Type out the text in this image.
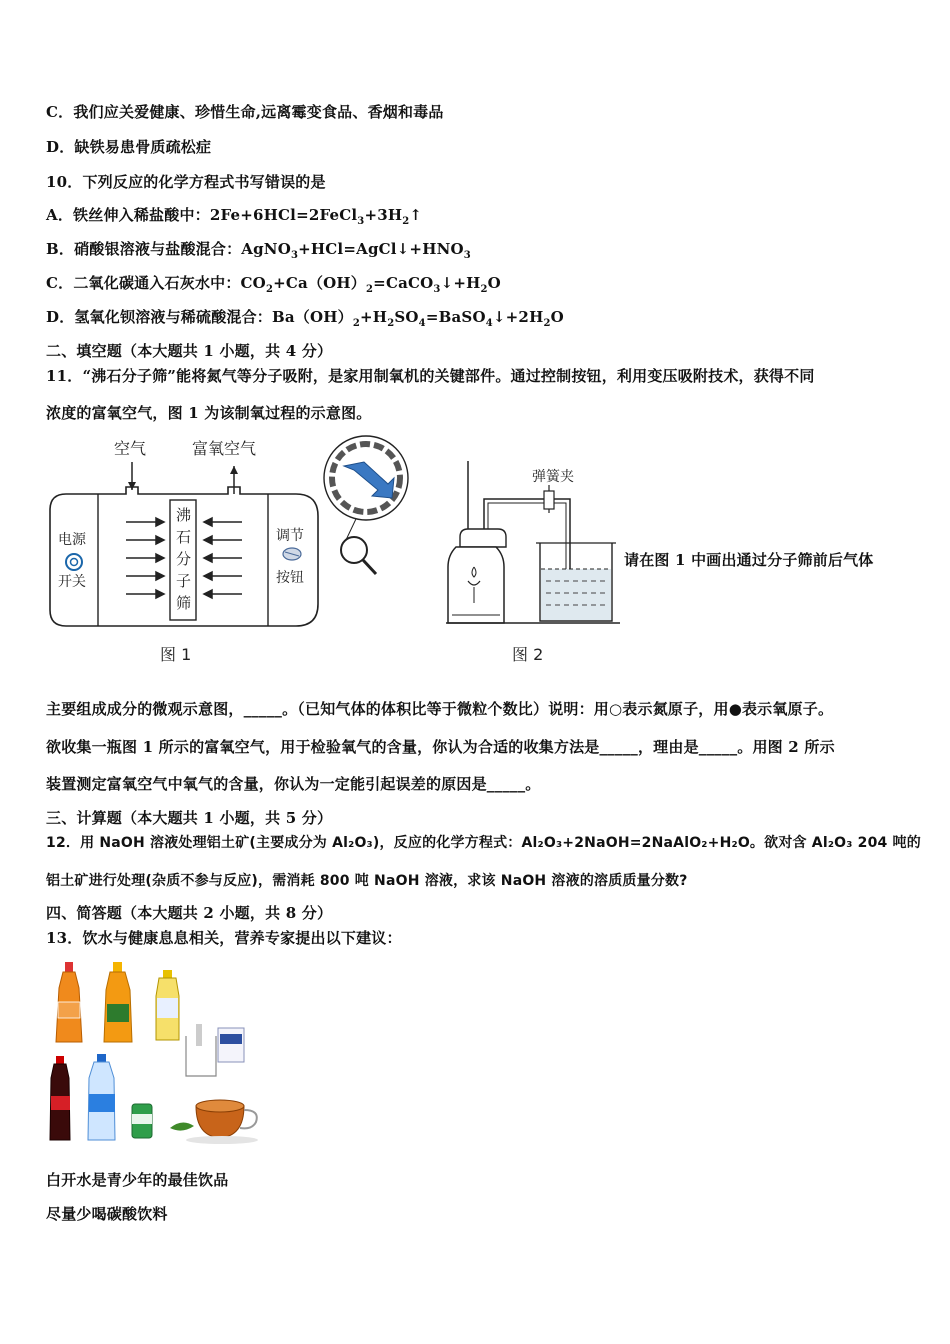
C．我们应关爱健康、珍惜生命,远离霉变食品、香烟和毒品
D．缺铁易患骨质疏松症
10．下列反应的化学方程式书写错误的是
A．铁丝伸入稀盐酸中：$2Fe+6HCl=2FeCl_3+3H_2↑$
B．硝酸银溶液与盐酸混合：$AgNO_3+HCl=AgCl↓+HNO_3$
C．二氧化碳通入石灰水中：$CO_2+Ca(OH)_2=CaCO_3↓+H_2O$
D．氢氧化钡溶液与稀硫酸混合：$Ba(OH)_2+H_2SO_4=BaSO_4↓+2H_2O$
二、填空题（本大题共 1 小题，共 4 分）
11．“沸石分子筛”能将氮气等分子吸附，是家用制氧机的关键部件。通过控制按钮，利用变压吸附技术，获得不同
浓度的富氧空气，图 1 为该制氧过程的示意图。
空气	富氧空气
沸
石
分
子
筛
电源
开关
调节
按钮
图 1
弹簧夹
图 2
请在图 1 中画出通过分子筛前后气体
主要组成成分的微观示意图，_____。（已知气体的体积比等于微粒个数比）说明：用○表示氮原子，用●表示氧原子。
欲收集一瓶图 1 所示的富氧空气，用于检验氧气的含量，你认为合适的收集方法是_____，理由是_____。用图 2 所示
装置测定富氧空气中氧气的含量，你认为一定能引起误差的原因是_____。
三、计算题（本大题共 1 小题，共 5 分）
12．用 NaOH 溶液处理铝土矿(主要成分为 Al₂O₃)，反应的化学方程式：Al₂O₃+2NaOH=2NaAlO₂+H₂O。欲对含 Al₂O₃ 204 吨的
铝土矿进行处理(杂质不参与反应)，需消耗 800 吨 NaOH 溶液，求该 NaOH 溶液的溶质质量分数?
四、简答题（本大题共 2 小题，共 8 分）
13．饮水与健康息息相关，营养专家提出以下建议：
白开水是青少年的最佳饮品
尽量少喝碳酸饮料
